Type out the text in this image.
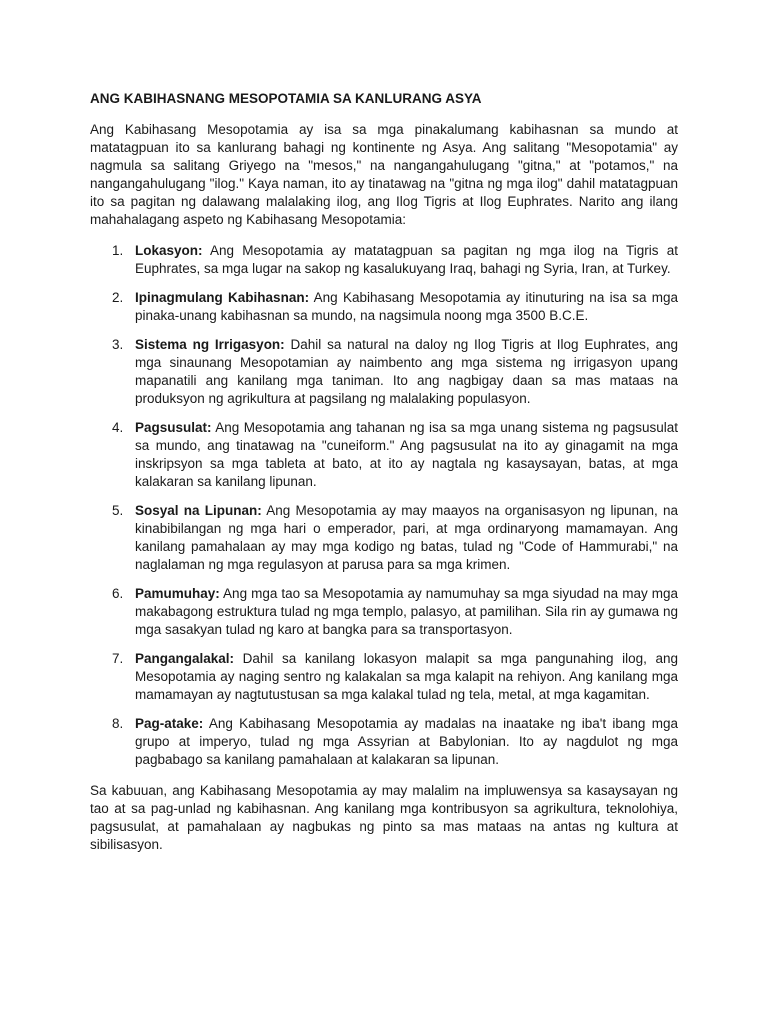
ANG KABIHASNANG MESOPOTAMIA SA KANLURANG ASYA

Ang Kabihasang Mesopotamia ay isa sa mga pinakalumang kabihasnan sa mundo at matatagpuan ito sa kanlurang bahagi ng kontinente ng Asya. Ang salitang "Mesopotamia" ay nagmula sa salitang Griyego na "mesos," na nangangahulugang "gitna," at "potamos," na nangangahulugang "ilog." Kaya naman, ito ay tinatawag na "gitna ng mga ilog" dahil matatagpuan ito sa pagitan ng dalawang malalaking ilog, ang Ilog Tigris at Ilog Euphrates. Narito ang ilang mahahalagang aspeto ng Kabihasang Mesopotamia:

1. Lokasyon: Ang Mesopotamia ay matatagpuan sa pagitan ng mga ilog na Tigris at Euphrates, sa mga lugar na sakop ng kasalukuyang Iraq, bahagi ng Syria, Iran, at Turkey.
2. Ipinagmulang Kabihasnan: Ang Kabihasang Mesopotamia ay itinuturing na isa sa mga pinaka-unang kabihasnan sa mundo, na nagsimula noong mga 3500 B.C.E.
3. Sistema ng Irrigasyon: Dahil sa natural na daloy ng Ilog Tigris at Ilog Euphrates, ang mga sinaunang Mesopotamian ay naimbento ang mga sistema ng irrigasyon upang mapanatili ang kanilang mga taniman. Ito ang nagbigay daan sa mas mataas na produksyon ng agrikultura at pagsilang ng malalaking populasyon.
4. Pagsusulat: Ang Mesopotamia ang tahanan ng isa sa mga unang sistema ng pagsusulat sa mundo, ang tinatawag na "cuneiform." Ang pagsusulat na ito ay ginagamit na mga inskripsyon sa mga tableta at bato, at ito ay nagtala ng kasaysayan, batas, at mga kalakaran sa kanilang lipunan.
5. Sosyal na Lipunan: Ang Mesopotamia ay may maayos na organisasyon ng lipunan, na kinabibilangan ng mga hari o emperador, pari, at mga ordinaryong mamamayan. Ang kanilang pamahalaan ay may mga kodigo ng batas, tulad ng "Code of Hammurabi," na naglalaman ng mga regulasyon at parusa para sa mga krimen.
6. Pamumuhay: Ang mga tao sa Mesopotamia ay namumuhay sa mga siyudad na may mga makabagong estruktura tulad ng mga templo, palasyo, at pamilihan. Sila rin ay gumawa ng mga sasakyan tulad ng karo at bangka para sa transportasyon.
7. Pangangalakal: Dahil sa kanilang lokasyon malapit sa mga pangunahing ilog, ang Mesopotamia ay naging sentro ng kalakalan sa mga kalapit na rehiyon. Ang kanilang mga mamamayan ay nagtutustusan sa mga kalakal tulad ng tela, metal, at mga kagamitan.
8. Pag-atake: Ang Kabihasang Mesopotamia ay madalas na inaatake ng iba't ibang mga grupo at imperyo, tulad ng mga Assyrian at Babylonian. Ito ay nagdulot ng mga pagbabago sa kanilang pamahalaan at kalakaran sa lipunan.

Sa kabuuan, ang Kabihasang Mesopotamia ay may malalim na impluwensya sa kasaysayan ng tao at sa pag-unlad ng kabihasnan. Ang kanilang mga kontribusyon sa agrikultura, teknolohiya, pagsusulat, at pamahalaan ay nagbukas ng pinto sa mas mataas na antas ng kultura at sibilisasyon.
